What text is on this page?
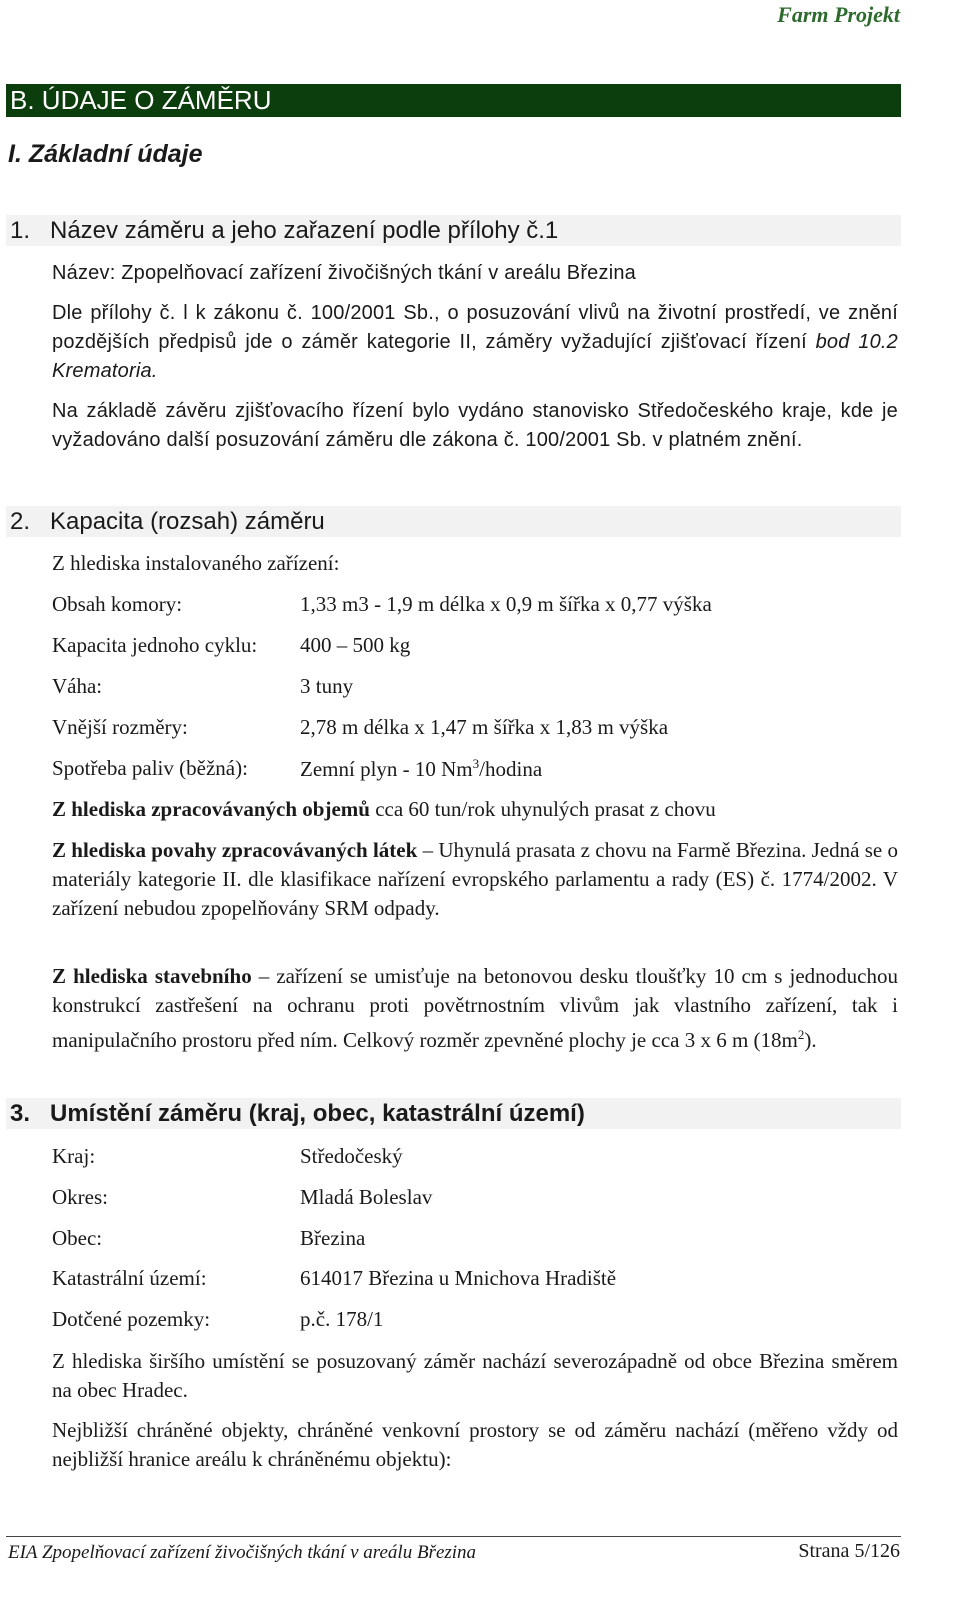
Farm Projekt
B. ÚDAJE O ZÁMĚRU
I. Základní údaje
1. Název záměru a jeho zařazení podle přílohy č.1
Název: Zpopelňovací zařízení živočišných tkání v areálu Březina
Dle přílohy č. l k zákonu č. 100/2001 Sb., o posuzování vlivů na životní prostředí, ve znění pozdějších předpisů jde o záměr kategorie II, záměry vyžadující zjišťovací řízení bod 10.2 Krematoria.
Na základě závěru zjišťovacího řízení bylo vydáno stanovisko Středočeského kraje, kde je vyžadováno další posuzování záměru dle zákona č. 100/2001 Sb. v platném znění.
2. Kapacita (rozsah) záměru
Z hlediska instalovaného zařízení:
Obsah komory:	1,33 m3 - 1,9 m délka x 0,9 m šířka x 0,77 výška
Kapacita jednoho cyklu: 400 – 500 kg
Váha:	3 tuny
Vnější rozměry:	2,78 m délka x 1,47 m šířka x 1,83 m výška
Spotřeba paliv (běžná): Zemní plyn - 10 Nm$^3$/hodina
Z hlediska zpracovávaných objemů cca 60 tun/rok uhynulých prasat z chovu
Z hlediska povahy zpracovávaných látek – Uhynulá prasata z chovu na Farmě Březina. Jedná se o materiály kategorie II. dle klasifikace nařízení evropského parlamentu a rady (ES) č. 1774/2002. V zařízení nebudou zpopelňovány SRM odpady.
Z hlediska stavebního – zařízení se umisťuje na betonovou desku tloušťky 10 cm s jednoduchou konstrukcí zastřešení na ochranu proti povětrnostním vlivům jak vlastního zařízení, tak i manipulačního prostoru před ním. Celkový rozměr zpevněné plochy je cca 3 x 6 m $(18m^2)$.
3. Umístění záměru (kraj, obec, katastrální území)
Kraj:	Středočeský
Okres:	Mladá Boleslav
Obec:	Březina
Katastrální území:	614017 Březina u Mnichova Hradiště
Dotčené pozemky:	p.č. 178/1
Z hlediska širšího umístění se posuzovaný záměr nachází severozápadně od obce Březina směrem na obec Hradec.
Nejbližší chráněné objekty, chráněné venkovní prostory se od záměru nachází (měřeno vždy od nejbližší hranice areálu k chráněnému objektu):
EIA Zpopelňovací zařízení živočišných tkání v areálu Březina	Strana 5/126
